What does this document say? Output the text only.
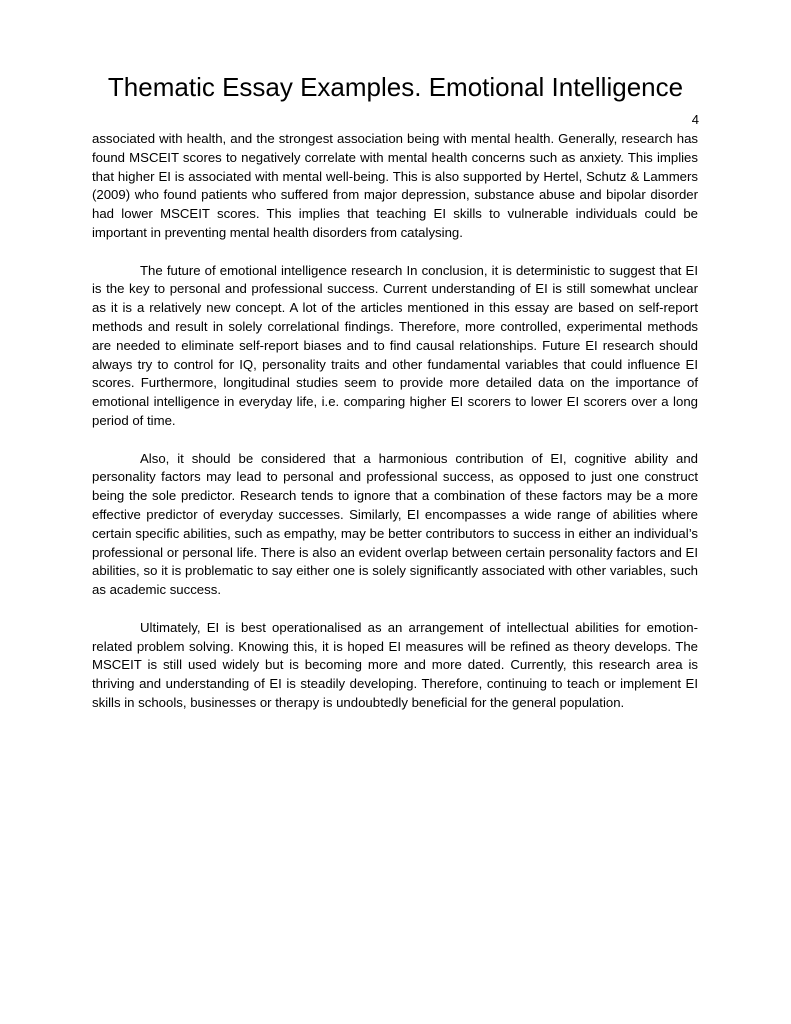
Thematic Essay Examples. Emotional Intelligence
4

associated with health, and the strongest association being with mental health. Generally, research has found MSCEIT scores to negatively correlate with mental health concerns such as anxiety. This implies that higher EI is associated with mental well-being. This is also supported by Hertel, Schutz & Lammers (2009) who found patients who suffered from major depression, substance abuse and bipolar disorder had lower MSCEIT scores. This implies that teaching EI skills to vulnerable individuals could be important in preventing mental health disorders from catalysing.

The future of emotional intelligence research In conclusion, it is deterministic to suggest that EI is the key to personal and professional success. Current understanding of EI is still somewhat unclear as it is a relatively new concept. A lot of the articles mentioned in this essay are based on self-report methods and result in solely correlational findings. Therefore, more controlled, experimental methods are needed to eliminate self-report biases and to find causal relationships. Future EI research should always try to control for IQ, personality traits and other fundamental variables that could influence EI scores. Furthermore, longitudinal studies seem to provide more detailed data on the importance of emotional intelligence in everyday life, i.e. comparing higher EI scorers to lower EI scorers over a long period of time.

Also, it should be considered that a harmonious contribution of EI, cognitive ability and personality factors may lead to personal and professional success, as opposed to just one construct being the sole predictor. Research tends to ignore that a combination of these factors may be a more effective predictor of everyday successes. Similarly, EI encompasses a wide range of abilities where certain specific abilities, such as empathy, may be better contributors to success in either an individual’s professional or personal life. There is also an evident overlap between certain personality factors and EI abilities, so it is problematic to say either one is solely significantly associated with other variables, such as academic success.

Ultimately, EI is best operationalised as an arrangement of intellectual abilities for emotion-related problem solving. Knowing this, it is hoped EI measures will be refined as theory develops. The MSCEIT is still used widely but is becoming more and more dated. Currently, this research area is thriving and understanding of EI is steadily developing. Therefore, continuing to teach or implement EI skills in schools, businesses or therapy is undoubtedly beneficial for the general population.
